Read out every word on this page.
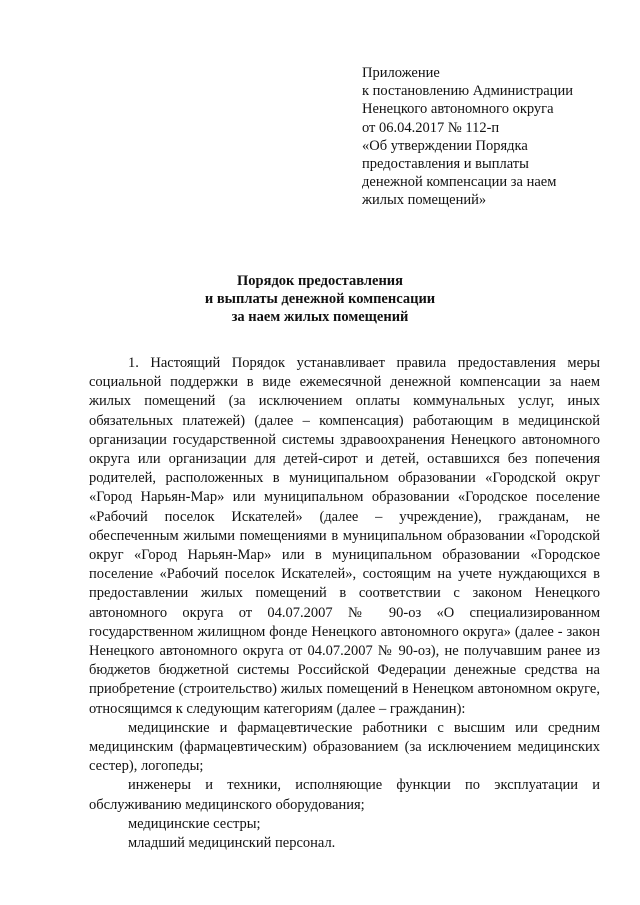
Приложение
к постановлению Администрации
Ненецкого автономного округа
от 06.04.2017 № 112-п
«Об утверждении Порядка
предоставления и выплаты
денежной компенсации за наем
жилых помещений»
Порядок предоставления
и выплаты денежной компенсации
за наем жилых помещений

1. Настоящий Порядок устанавливает правила предоставления меры социальной поддержки в виде ежемесячной денежной компенсации за наем жилых помещений (за исключением оплаты коммунальных услуг, иных обязательных платежей) (далее – компенсация) работающим в медицинской организации государственной системы здравоохранения Ненецкого автономного округа или организации для детей-сирот и детей, оставшихся без попечения родителей, расположенных в муниципальном образовании «Городской округ «Город Нарьян-Мар» или муниципальном образовании «Городское поселение «Рабочий поселок Искателей» (далее – учреждение), гражданам, не обеспеченным жилыми помещениями в муниципальном образовании «Городской округ «Город Нарьян-Мар» или в муниципальном образовании «Городское поселение «Рабочий поселок Искателей», состоящим на учете нуждающихся в предоставлении жилых помещений в соответствии с законом Ненецкого автономного округа от 04.07.2007 № 90-оз «О специализированном государственном жилищном фонде Ненецкого автономного округа» (далее - закон Ненецкого автономного округа от 04.07.2007 № 90-оз), не получавшим ранее из бюджетов бюджетной системы Российской Федерации денежные средства на приобретение (строительство) жилых помещений в Ненецком автономном округе, относящимся к следующим категориям (далее – гражданин):

медицинские и фармацевтические работники с высшим или средним медицинским (фармацевтическим) образованием (за исключением медицинских сестер), логопеды;

инженеры и техники, исполняющие функции по эксплуатации и обслуживанию медицинского оборудования;

медицинские сестры;

младший медицинский персонал.
